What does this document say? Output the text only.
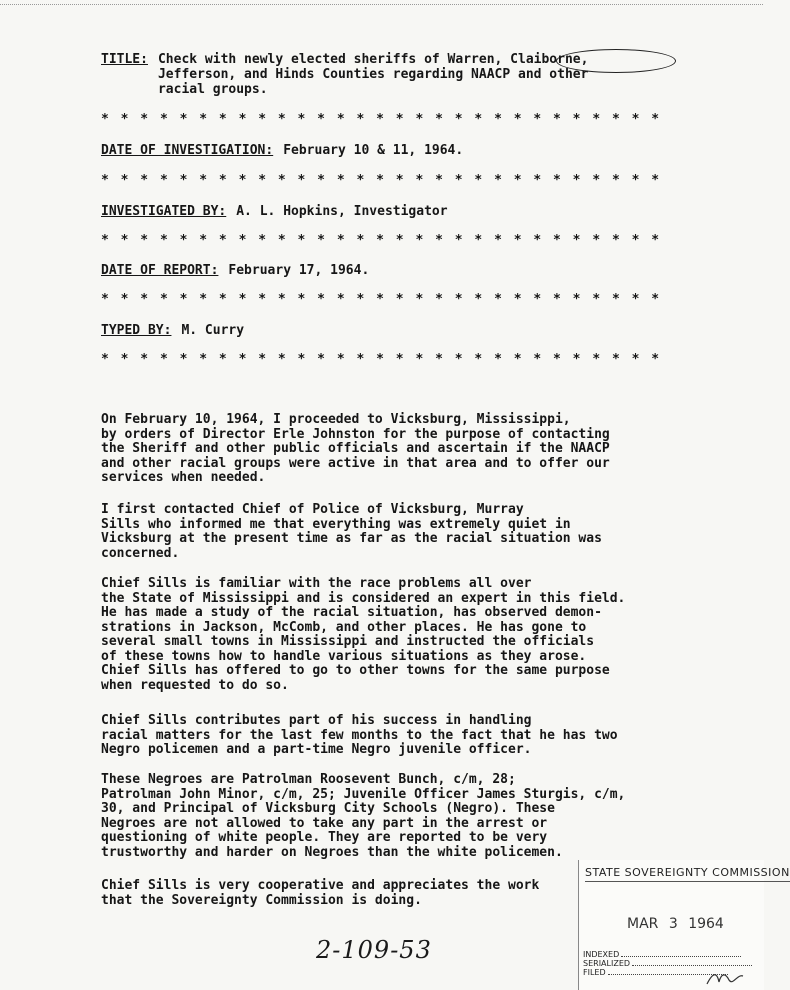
TITLE: Check with newly elected sheriffs of Warren, Claiborne,
Jefferson, and Hinds Counties regarding NAACP and other
racial groups.
* * * * * * * * * * * * * * * * * * * * * * * * * * * * *
DATE OF INVESTIGATION: February 10 & 11, 1964.
* * * * * * * * * * * * * * * * * * * * * * * * * * * * *
INVESTIGATED BY: A. L. Hopkins, Investigator
* * * * * * * * * * * * * * * * * * * * * * * * * * * * *
DATE OF REPORT: February 17, 1964.
* * * * * * * * * * * * * * * * * * * * * * * * * * * * *
TYPED BY: M. Curry
* * * * * * * * * * * * * * * * * * * * * * * * * * * * *

On February 10, 1964, I proceeded to Vicksburg, Mississippi,
by orders of Director Erle Johnston for the purpose of contacting
the Sheriff and other public officials and ascertain if the NAACP
and other racial groups were active in that area and to offer our
services when needed.

I first contacted Chief of Police of Vicksburg, Murray
Sills who informed me that everything was extremely quiet in
Vicksburg at the present time as far as the racial situation was
concerned.

Chief Sills is familiar with the race problems all over
the State of Mississippi and is considered an expert in this field.
He has made a study of the racial situation, has observed demon-
strations in Jackson, McComb, and other places. He has gone to
several small towns in Mississippi and instructed the officials
of these towns how to handle various situations as they arose.
Chief Sills has offered to go to other towns for the same purpose
when requested to do so.

Chief Sills contributes part of his success in handling
racial matters for the last few months to the fact that he has two
Negro policemen and a part-time Negro juvenile officer.

These Negroes are Patrolman Roosevent Bunch, c/m, 28;
Patrolman John Minor, c/m, 25; Juvenile Officer James Sturgis, c/m,
30, and Principal of Vicksburg City Schools (Negro). These
Negroes are not allowed to take any part in the arrest or
questioning of white people. They are reported to be very
trustworthy and harder on Negroes than the white policemen.

Chief Sills is very cooperative and appreciates the work
that the Sovereignty Commission is doing.

2-109-53
STATE SOVEREIGNTY COMMISSION
MAR 3 1964
INDEXED
SERIALIZED
FILED
